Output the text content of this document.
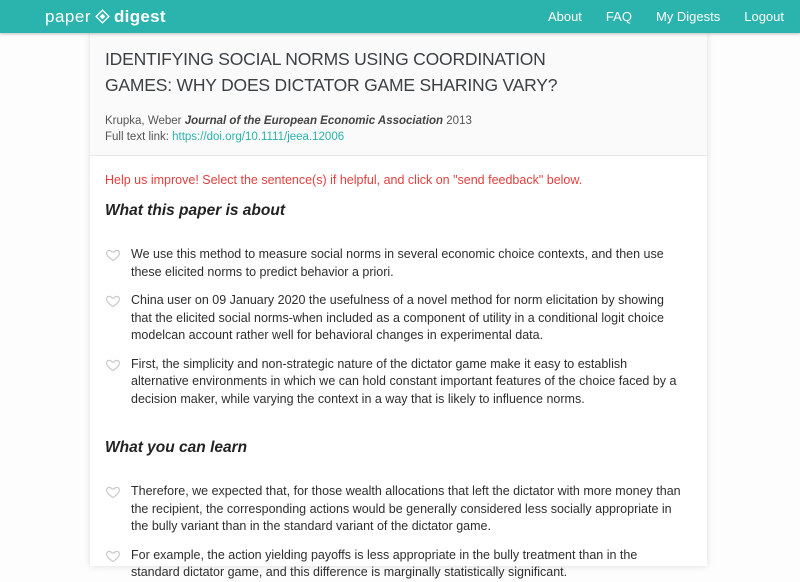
paper digest	About FAQ My Digests Logout
IDENTIFYING SOCIAL NORMS USING COORDINATION GAMES: WHY DOES DICTATOR GAME SHARING VARY?
Krupka, Weber Journal of the European Economic Association 2013
Full text link: https://doi.org/10.1111/jeea.12006
Help us improve! Select the sentence(s) if helpful, and click on "send feedback" below.
What this paper is about
We use this method to measure social norms in several economic choice contexts, and then use these elicited norms to predict behavior a priori.
China user on 09 January 2020 the usefulness of a novel method for norm elicitation by showing that the elicited social norms-when included as a component of utility in a conditional logit choice modelcan account rather well for behavioral changes in experimental data.
First, the simplicity and non-strategic nature of the dictator game make it easy to establish alternative environments in which we can hold constant important features of the choice faced by a decision maker, while varying the context in a way that is likely to influence norms.
What you can learn
Therefore, we expected that, for those wealth allocations that left the dictator with more money than the recipient, the corresponding actions would be generally considered less socially appropriate in the bully variant than in the standard variant of the dictator game.
For example, the action yielding payoffs is less appropriate in the bully treatment than in the standard dictator game, and this difference is marginally statistically significant.
